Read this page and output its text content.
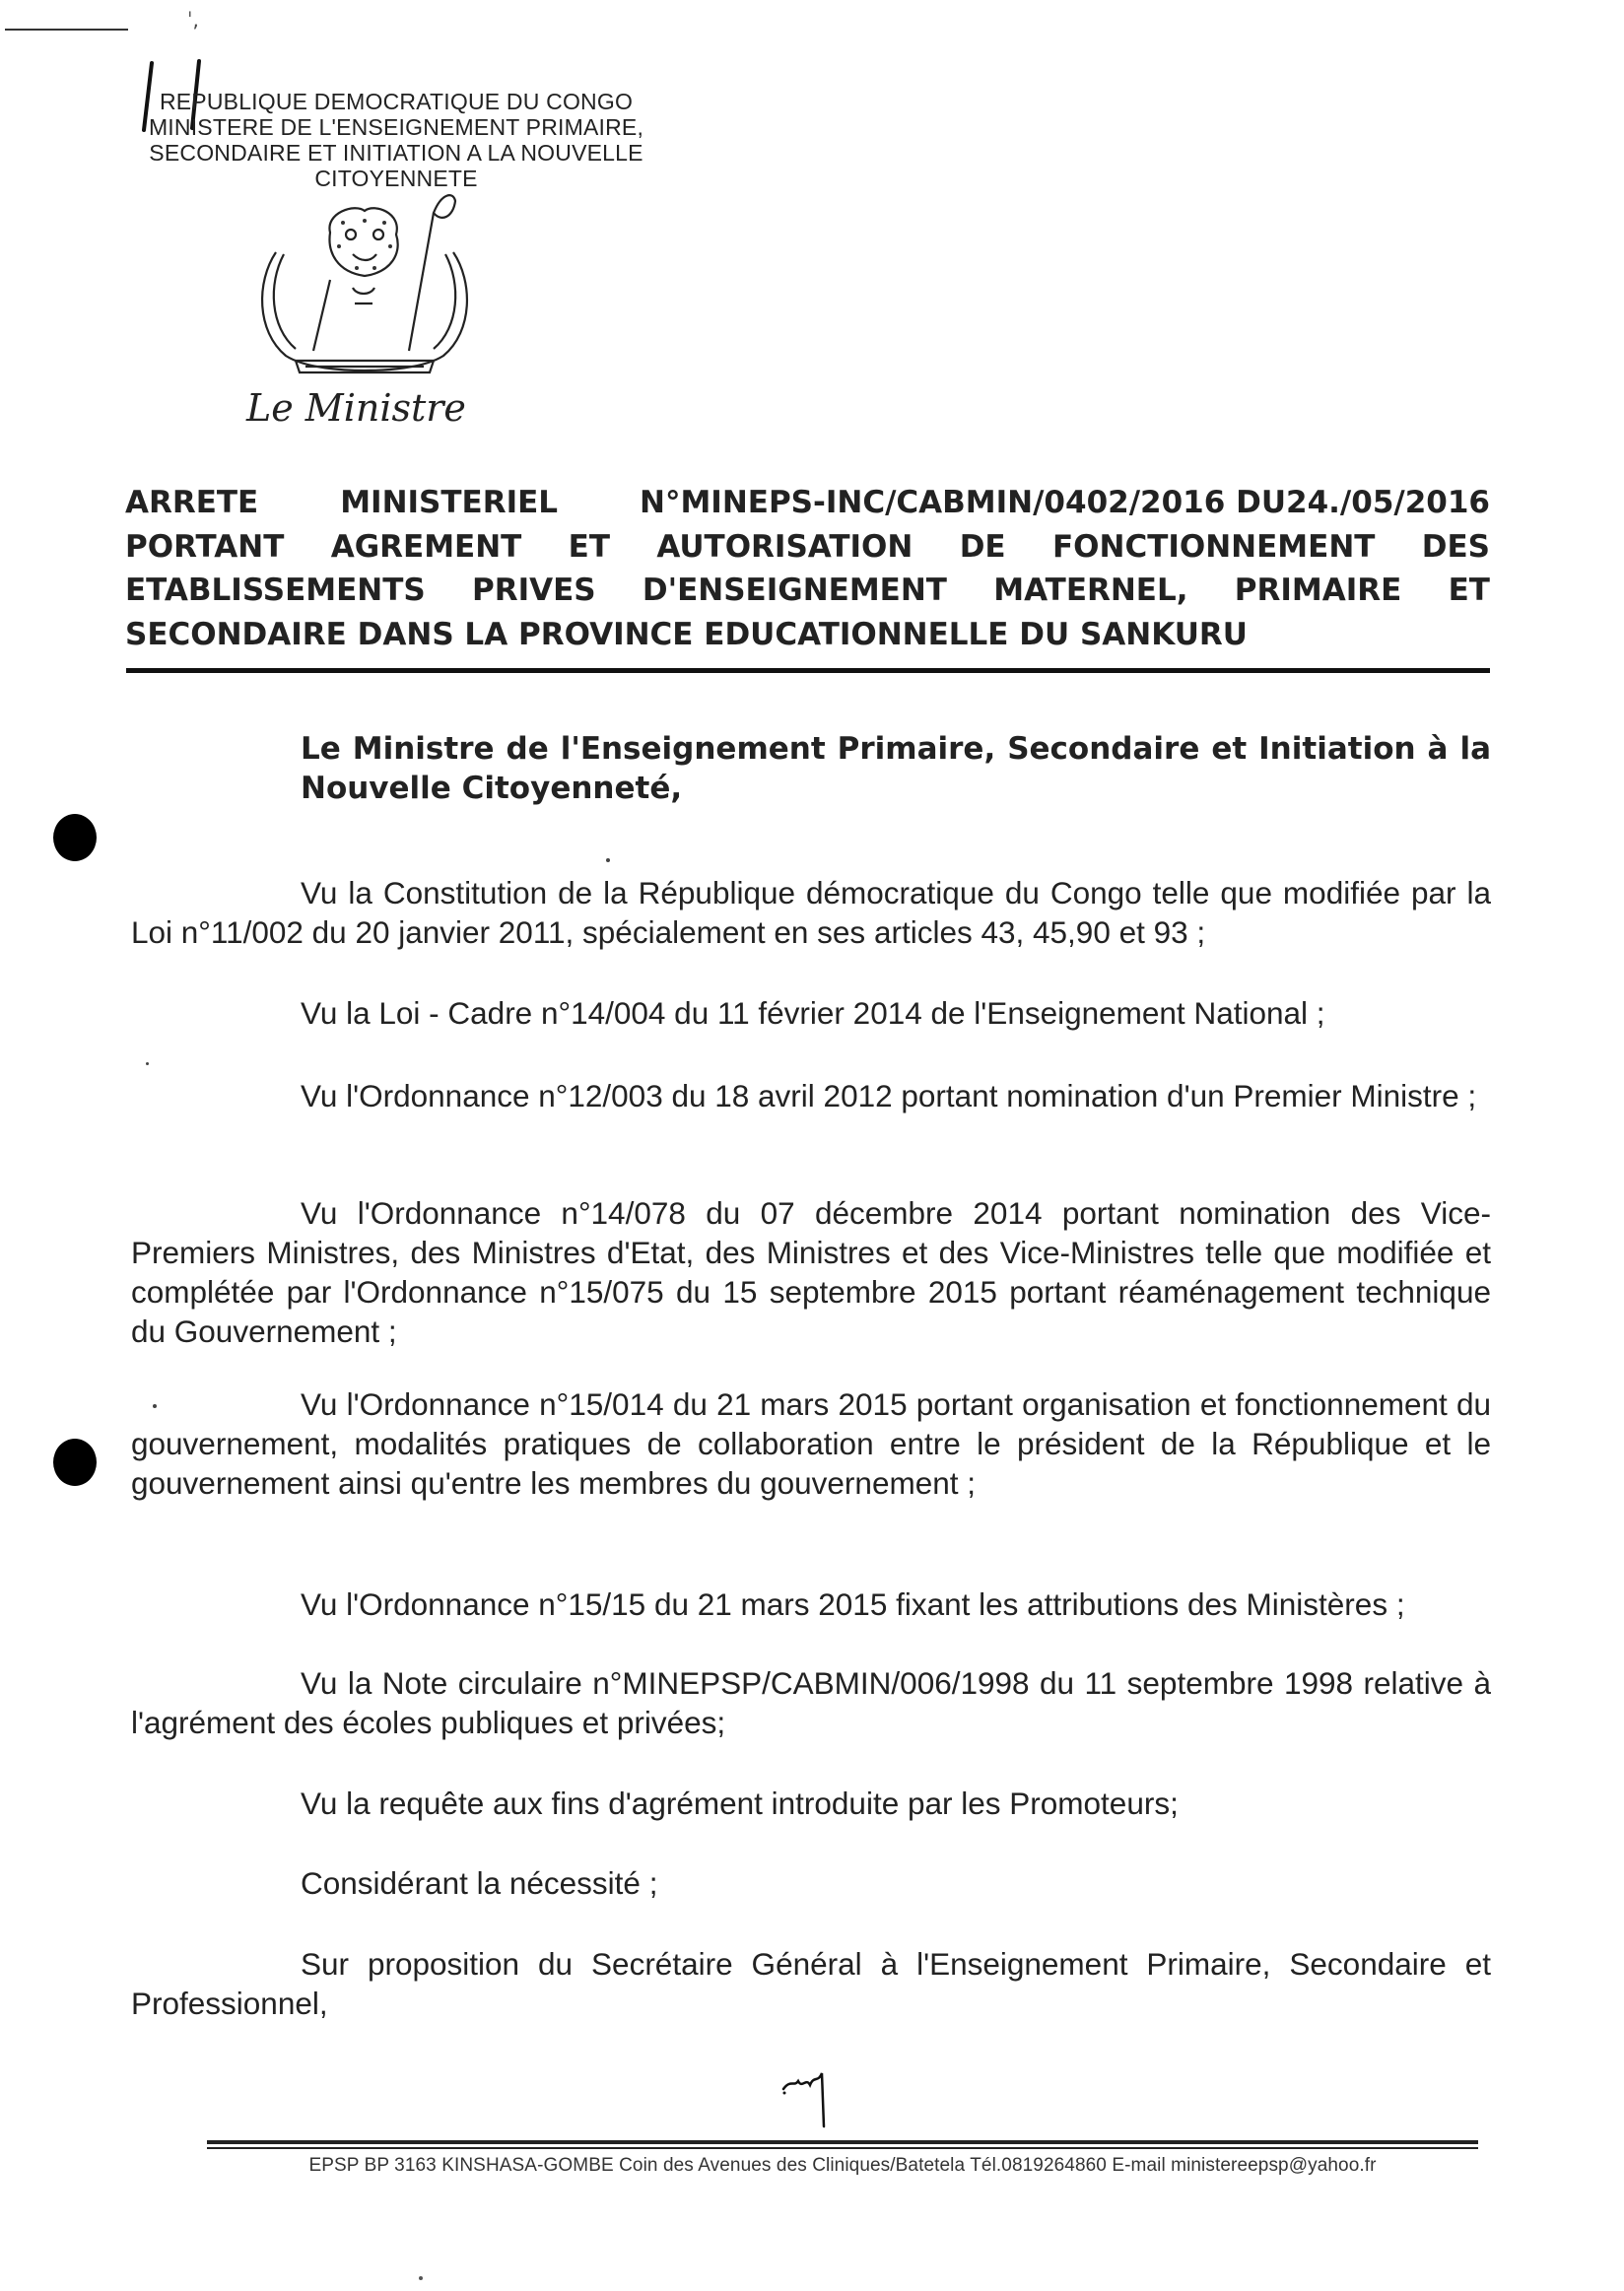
ˈ,
REPUBLIQUE DEMOCRATIQUE DU CONGO
MINISTERE DE L'ENSEIGNEMENT PRIMAIRE,
SECONDAIRE ET INITIATION A LA NOUVELLE
CITOYENNETE
Le Ministre
ARRETE	MINISTERIEL	N°MINEPS-INC/CABMIN/0402/2016 DU24./05/2016
PORTANT AGREMENT ET AUTORISATION DE FONCTIONNEMENT DES
ETABLISSEMENTS PRIVES D'ENSEIGNEMENT MATERNEL, PRIMAIRE ET
SECONDAIRE DANS LA PROVINCE EDUCATIONNELLE DU SANKURU
Le Ministre de l'Enseignement Primaire, Secondaire et Initiation à la Nouvelle Citoyenneté,
Vu la Constitution de la République démocratique du Congo telle que modifiée par la Loi n°11/002 du 20 janvier 2011, spécialement en ses articles 43, 45,90 et 93 ;
Vu la Loi - Cadre n°14/004 du 11 février 2014 de l'Enseignement National ;
Vu l'Ordonnance n°12/003 du 18 avril 2012 portant nomination d'un Premier Ministre ;
Vu l'Ordonnance n°14/078 du 07 décembre 2014 portant nomination des Vice-Premiers Ministres, des Ministres d'Etat, des Ministres et des Vice-Ministres telle que modifiée et complétée par l'Ordonnance n°15/075 du 15 septembre 2015 portant réaménagement technique du Gouvernement ;
Vu l'Ordonnance n°15/014 du 21 mars 2015 portant organisation et fonctionnement du gouvernement, modalités pratiques de collaboration entre le président de la République et le gouvernement ainsi qu'entre les membres du gouvernement ;
Vu l'Ordonnance n°15/15 du 21 mars 2015 fixant les attributions des Ministères ;
Vu la Note circulaire n°MINEPSP/CABMIN/006/1998 du 11 septembre 1998 relative à l'agrément des écoles publiques et privées;
Vu la requête aux fins d'agrément introduite par les Promoteurs;
Considérant la nécessité ;
Sur proposition du Secrétaire Général à l'Enseignement Primaire, Secondaire et Professionnel,
EPSP BP 3163 KINSHASA-GOMBE Coin des Avenues des Cliniques/Batetela Tél.0819264860 E-mail ministereepsp@yahoo.fr
